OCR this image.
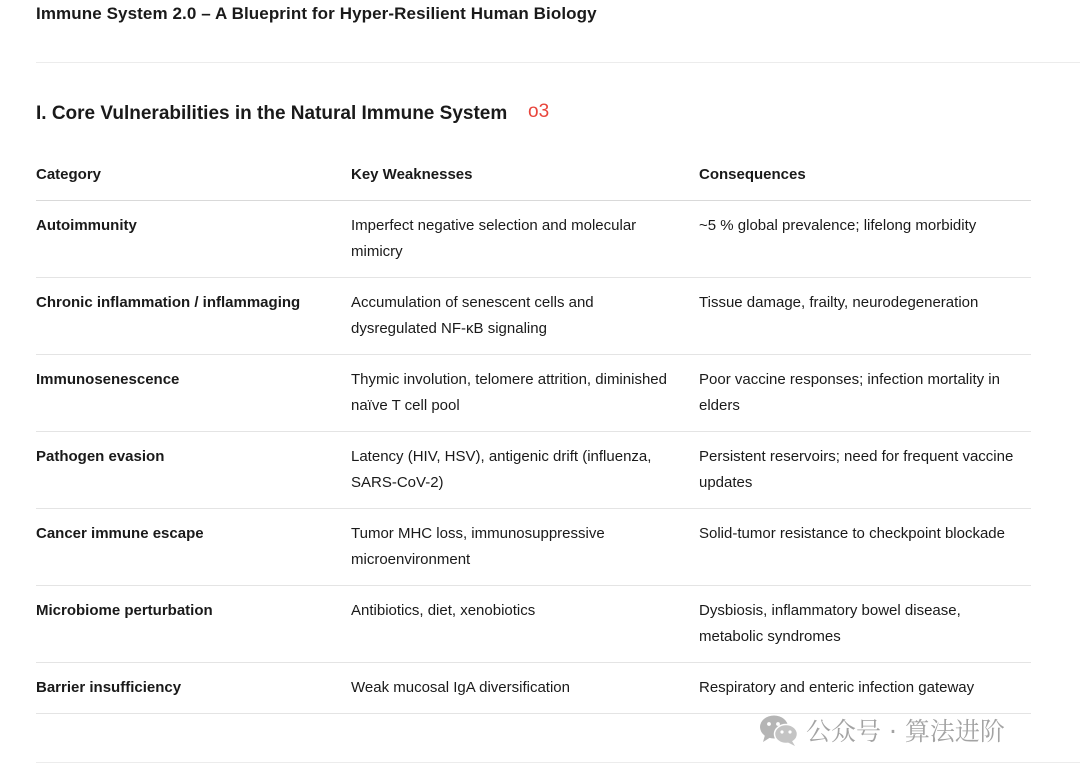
Immune System 2.0 – A Blueprint for Hyper-Resilient Human Biology
I. Core Vulnerabilities in the Natural Immune System o3
Category	Key Weaknesses	Consequences
Autoimmunity	Imperfect negative selection and molecular mimicry	~5 % global prevalence; lifelong morbidity
Chronic inflammation / inflammaging	Accumulation of senescent cells and dysregulated NF-κB signaling	Tissue damage, frailty, neurodegeneration
Immunosenescence	Thymic involution, telomere attrition, diminished naïve T cell pool	Poor vaccine responses; infection mortality in elders
Pathogen evasion	Latency (HIV, HSV), antigenic drift (influenza, SARS-CoV-2)	Persistent reservoirs; need for frequent vaccine updates
Cancer immune escape	Tumor MHC loss, immunosuppressive microenvironment	Solid-tumor resistance to checkpoint blockade
Microbiome perturbation	Antibiotics, diet, xenobiotics	Dysbiosis, inflammatory bowel disease, metabolic syndromes
Barrier insufficiency	Weak mucosal IgA diversification	Respiratory and enteric infection gateway
公众号 · 算法进阶
